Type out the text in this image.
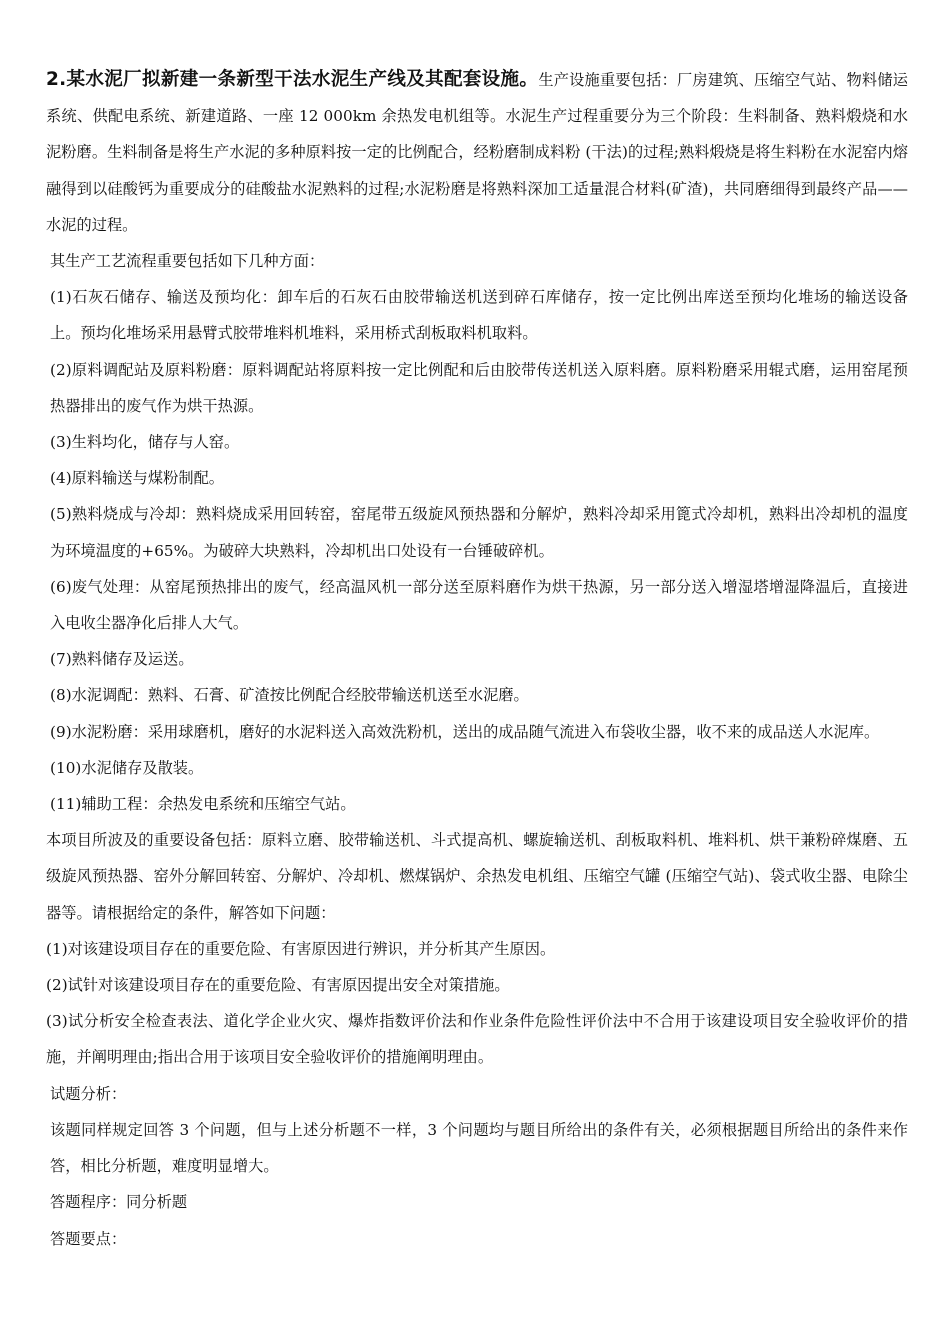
2.某水泥厂拟新建一条新型干法水泥生产线及其配套设施。生产设施重要包括：厂房建筑、压缩空气站、物料储运系统、供配电系统、新建道路、一座 12 000km 余热发电机组等。水泥生产过程重要分为三个阶段：生料制备、熟料煅烧和水泥粉磨。生料制备是将生产水泥的多种原料按一定的比例配合，经粉磨制成料粉 (干法)的过程;熟料煅烧是将生料粉在水泥窑内熔融得到以硅酸钙为重要成分的硅酸盐水泥熟料的过程;水泥粉磨是将熟料深加工适量混合材料(矿渣)，共同磨细得到最终产品——水泥的过程。

其生产工艺流程重要包括如下几种方面：

(1)石灰石储存、输送及预均化：卸车后的石灰石由胶带输送机送到碎石库储存，按一定比例出库送至预均化堆场的输送设备上。预均化堆场采用悬臂式胶带堆料机堆料，采用桥式刮板取料机取料。

(2)原料调配站及原料粉磨：原料调配站将原料按一定比例配和后由胶带传送机送入原料磨。原料粉磨采用辊式磨，运用窑尾预热器排出的废气作为烘干热源。

(3)生料均化，储存与人窑。

(4)原料输送与煤粉制配。

(5)熟料烧成与冷却：熟料烧成采用回转窑，窑尾带五级旋风预热器和分解炉，熟料冷却采用篦式冷却机，熟料出冷却机的温度为环境温度的+65%。为破碎大块熟料，冷却机出口处设有一台锤破碎机。

(6)废气处理：从窑尾预热排出的废气，经高温风机一部分送至原料磨作为烘干热源，另一部分送入增湿塔增湿降温后，直接进入电收尘器净化后排人大气。

(7)熟料储存及运送。

(8)水泥调配：熟料、石膏、矿渣按比例配合经胶带输送机送至水泥磨。

(9)水泥粉磨：采用球磨机，磨好的水泥料送入高效洗粉机，送出的成品随气流进入布袋收尘器，收不来的成品送人水泥库。

(10)水泥储存及散装。

(11)辅助工程：余热发电系统和压缩空气站。

本项目所波及的重要设备包括：原料立磨、胶带输送机、斗式提高机、螺旋输送机、刮板取料机、堆料机、烘干兼粉碎煤磨、五级旋风预热器、窑外分解回转窑、分解炉、冷却机、燃煤锅炉、余热发电机组、压缩空气罐 (压缩空气站)、袋式收尘器、电除尘器等。请根据给定的条件，解答如下问题：

(1)对该建设项目存在的重要危险、有害原因进行辨识，并分析其产生原因。

(2)试针对该建设项目存在的重要危险、有害原因提出安全对策措施。

(3)试分析安全检查表法、道化学企业火灾、爆炸指数评价法和作业条件危险性评价法中不合用于该建设项目安全验收评价的措施，并阐明理由;指出合用于该项目安全验收评价的措施阐明理由。

试题分析：

该题同样规定回答 3 个问题，但与上述分析题不一样，3 个问题均与题目所给出的条件有关，必须根据题目所给出的条件来作答，相比分析题，难度明显增大。

答题程序：同分析题

答题要点：
